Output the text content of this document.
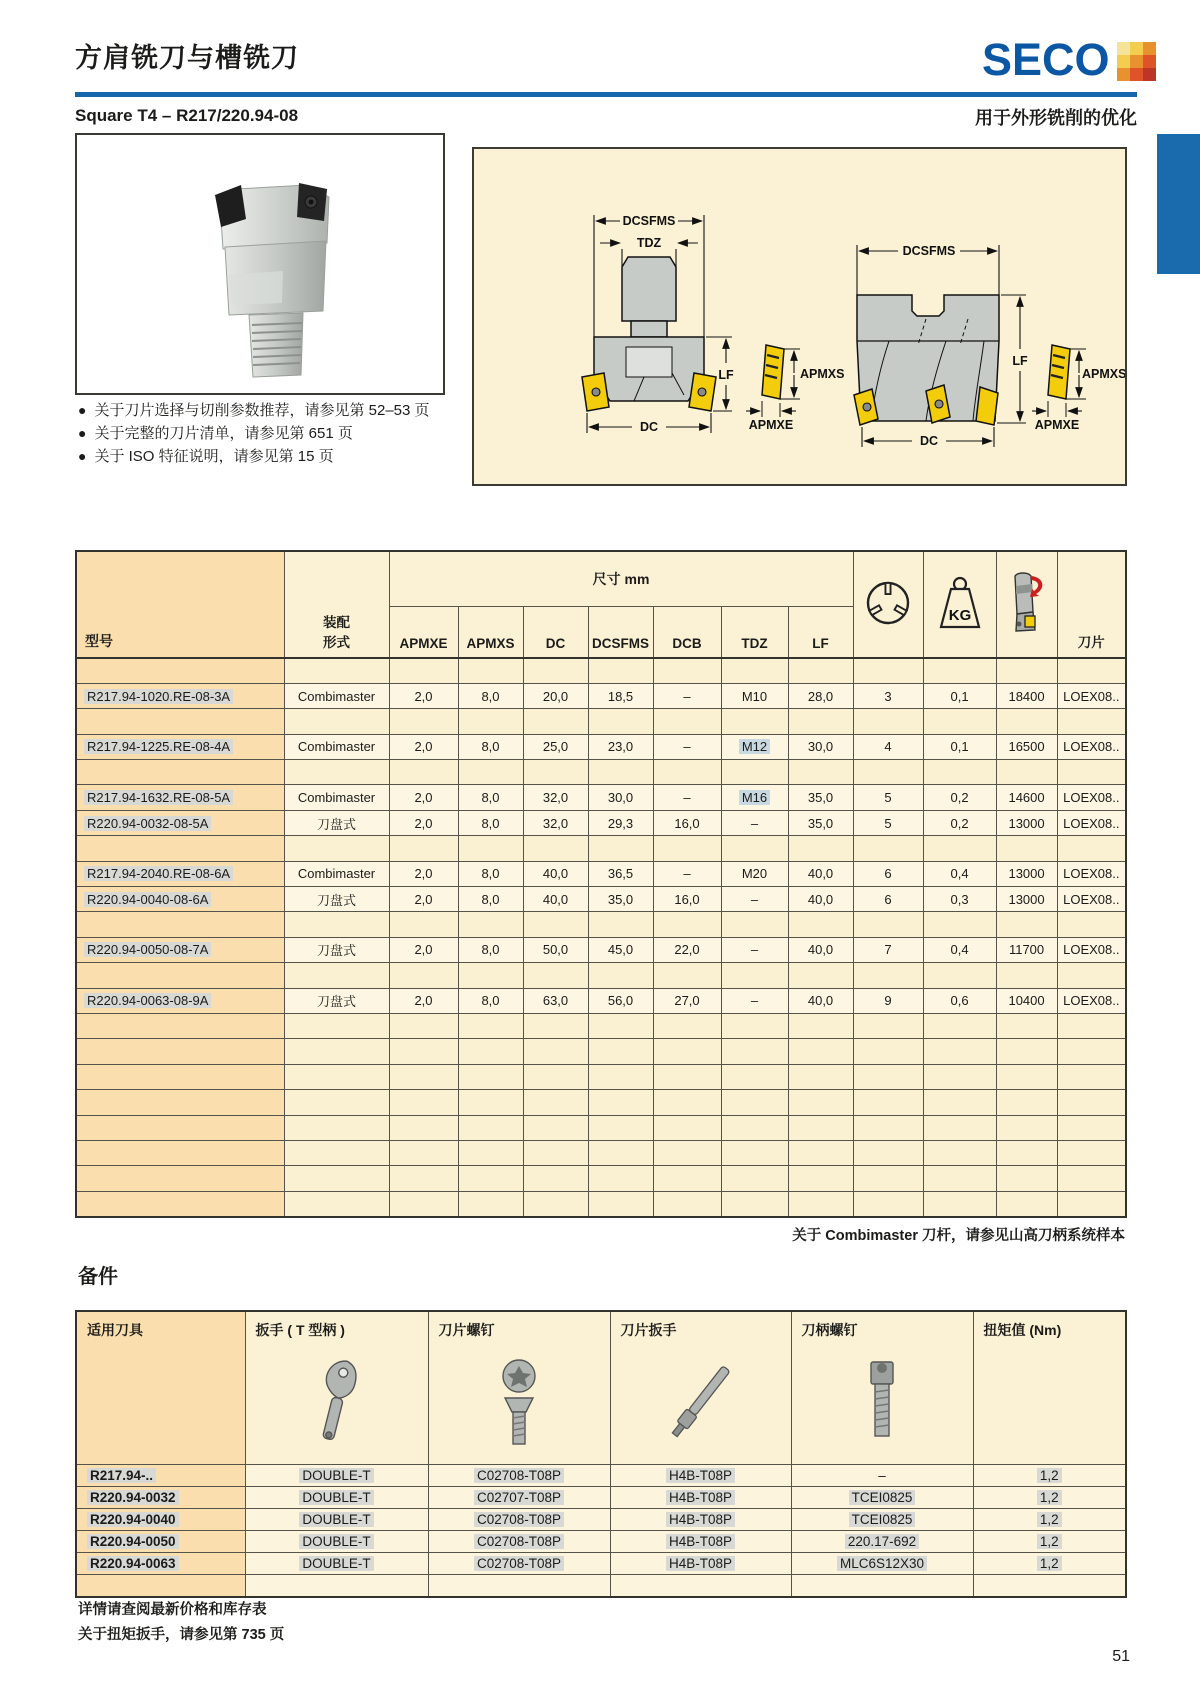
方肩铣刀与槽铣刀	SECO
Square T4 – R217/220.94-08	用于外形铣削的优化
● 关于刀片选择与切削参数推荐，请参见第 52–53 页
● 关于完整的刀片清单，请参见第 651 页
● 关于 ISO 特征说明，请参见第 15 页
DCSFMS
TDZ
LF	APMXS
APMXE
DC
DCSFMS
LF
APMXS
APMXE
DC
型号	装配
形式	尺寸 mm								KG		刀片
		APMXE	APMXS	DC	DCSFMS	DCB	TDZ	LF				

R217.94-1020.RE-08-3A	Combimaster	2,0	8,0	20,0	18,5	–	M10	28,0	3	0,1	18400	LOEX08..

R217.94-1225.RE-08-4A	Combimaster	2,0	8,0	25,0	23,0	–	M12	30,0	4	0,1	16500	LOEX08..

R217.94-1632.RE-08-5A	Combimaster	2,0	8,0	32,0	30,0	–	M16	35,0	5	0,2	14600	LOEX08..
R220.94-0032-08-5A	刀盘式	2,0	8,0	32,0	29,3	16,0	–	35,0	5	0,2	13000	LOEX08..

R217.94-2040.RE-08-6A	Combimaster	2,0	8,0	40,0	36,5	–	M20	40,0	6	0,4	13000	LOEX08..
R220.94-0040-08-6A	刀盘式	2,0	8,0	40,0	35,0	16,0	–	40,0	6	0,3	13000	LOEX08..

R220.94-0050-08-7A	刀盘式	2,0	8,0	50,0	45,0	22,0	–	40,0	7	0,4	11700	LOEX08..

R220.94-0063-08-9A	刀盘式	2,0	8,0	63,0	56,0	27,0	–	40,0	9	0,6	10400	LOEX08..

关于 Combimaster 刀杆，请参见山高刀柄系统样本
备件
适用刀具	扳手 ( T 型柄 )	刀片螺钉	刀片扳手	刀柄螺钉	扭矩值 (Nm)

R217.94-..	DOUBLE-T	C02708-T08P	H4B-T08P	–	1,2
R220.94-0032	DOUBLE-T	C02707-T08P	H4B-T08P	TCEI0825	1,2
R220.94-0040	DOUBLE-T	C02708-T08P	H4B-T08P	TCEI0825	1,2
R220.94-0050	DOUBLE-T	C02708-T08P	H4B-T08P	220.17-692	1,2
R220.94-0063	DOUBLE-T	C02708-T08P	H4B-T08P	MLC6S12X30	1,2

详情请查阅最新价格和库存表
关于扭矩扳手，请参见第 735 页
51
